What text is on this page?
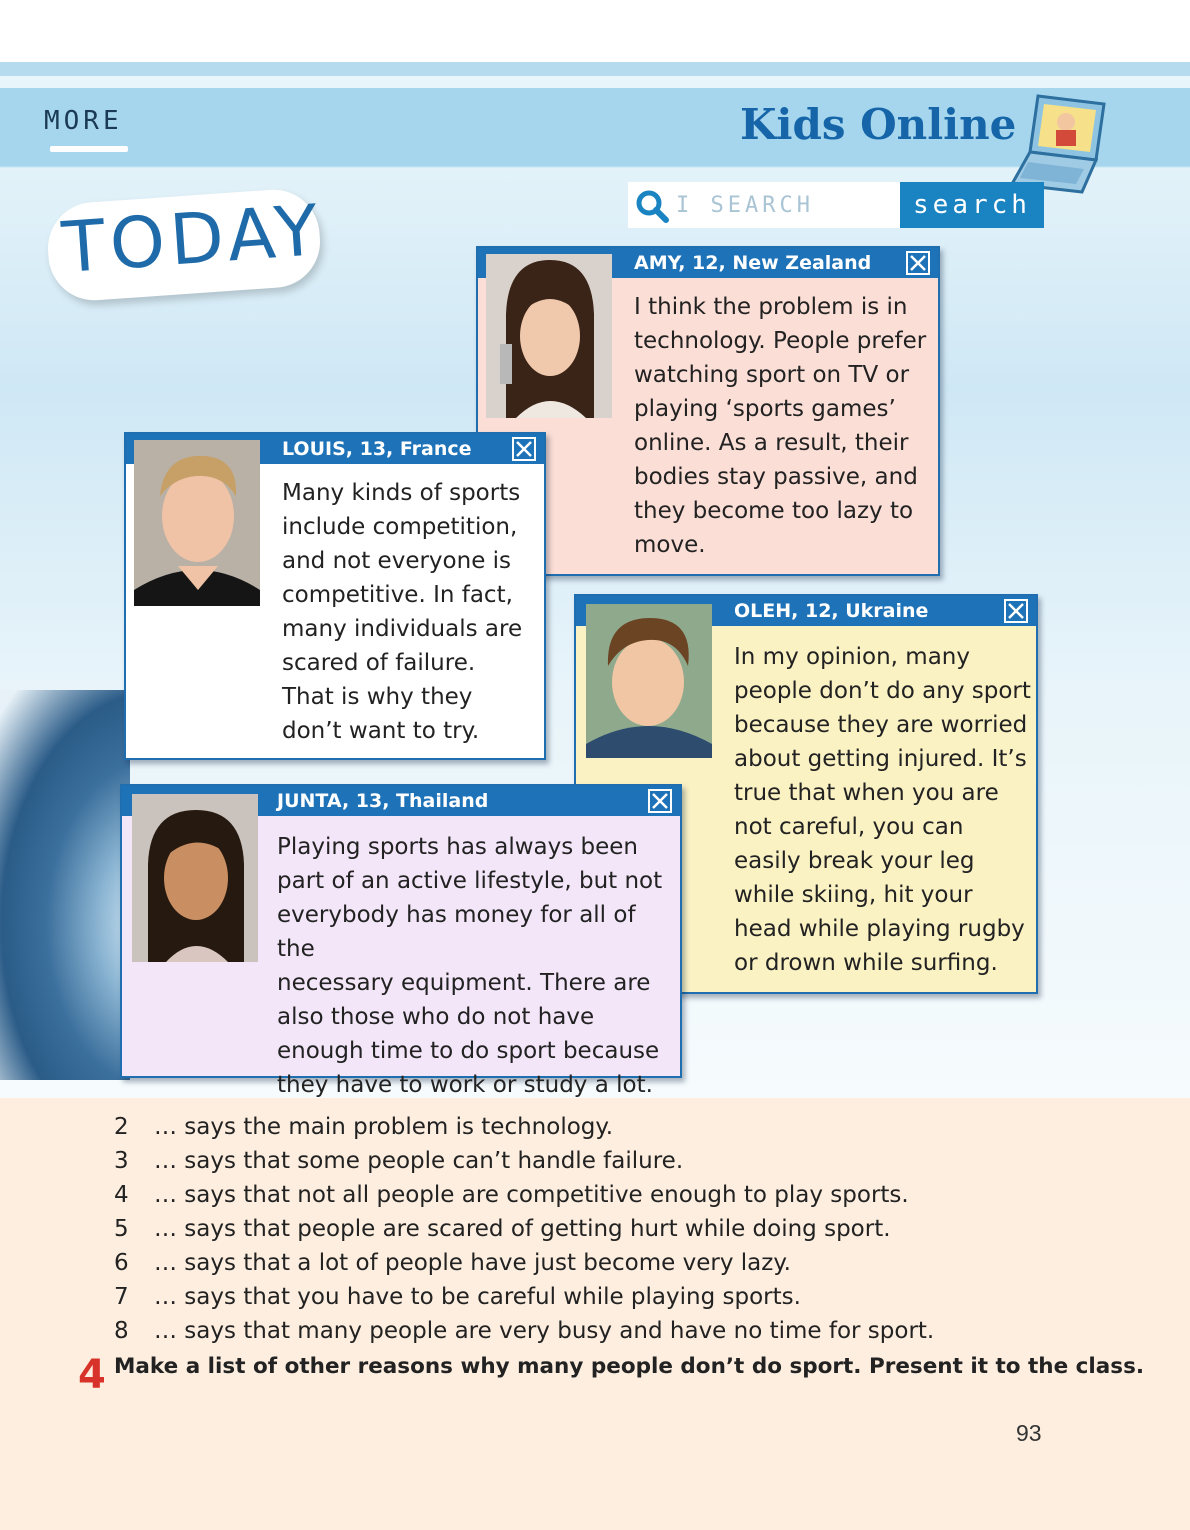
MORE	Kids Online
TODAY
I SEARCH	search
AMY, 12, New Zealand
I think the problem is in
technology. People prefer
watching sport on TV or
playing ‘sports games’
online. As a result, their
bodies stay passive, and
they become too lazy to
move.
LOUIS, 13, France
Many kinds of sports
include competition,
and not everyone is
competitive. In fact,
many individuals are
scared of failure.
That is why they
don’t want to try.
OLEH, 12, Ukraine
In my opinion, many
people don’t do any sport
because they are worried
about getting injured. It’s
true that when you are
not careful, you can
easily break your leg
while skiing, hit your
head while playing rugby
or drown while surfing.
JUNTA, 13, Thailand
Playing sports has always been
part of an active lifestyle, but not
everybody has money for all of the
necessary equipment. There are
also those who do not have
enough time to do sport because
they have to work or study a lot.
2 … says the main problem is technology.
3 … says that some people can’t handle failure.
4 … says that not all people are competitive enough to play sports.
5 … says that people are scared of getting hurt while doing sport.
6 … says that a lot of people have just become very lazy.
7 … says that you have to be careful while playing sports.
8 … says that many people are very busy and have no time for sport.
4 Make a list of other reasons why many people don’t do sport. Present it to the class.
93
